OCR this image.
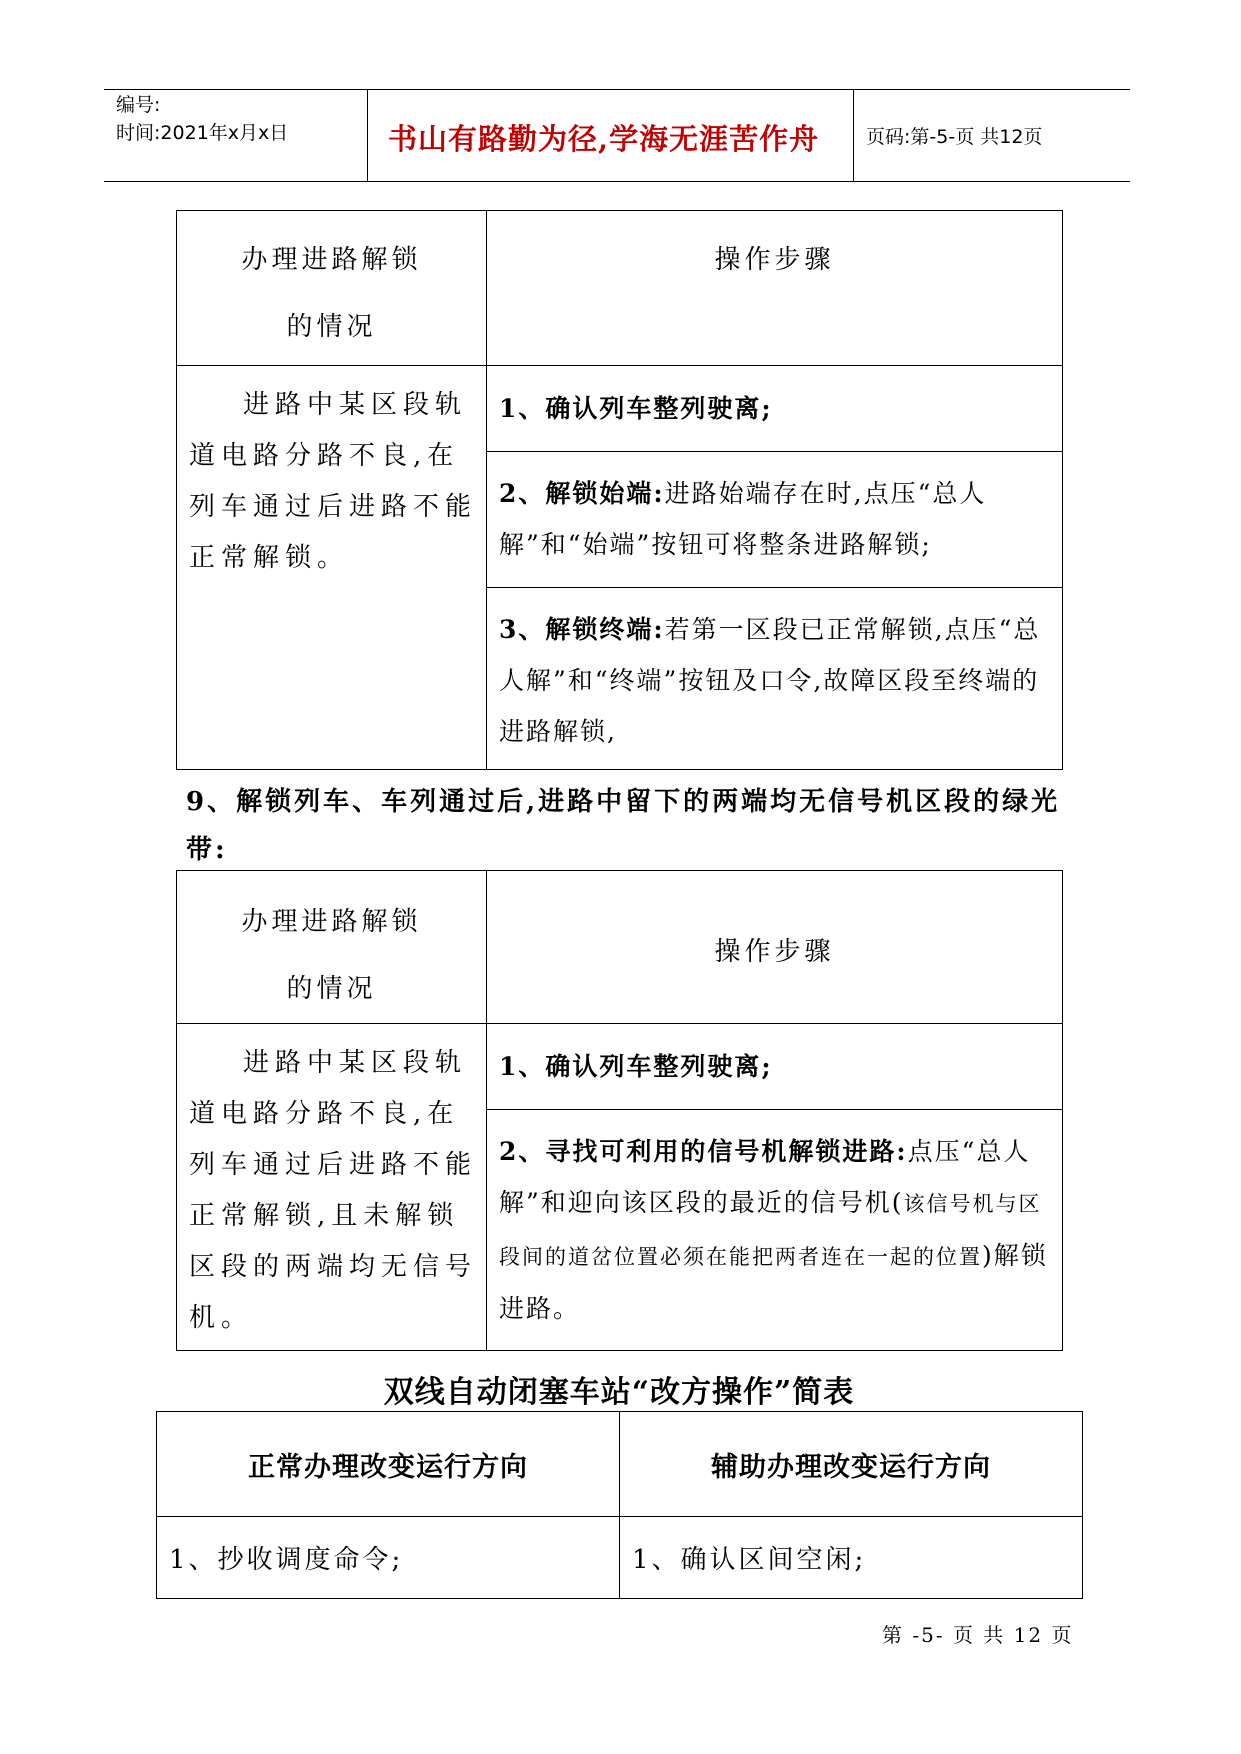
编号:
时间:2021年x月x日	书山有路勤为径,学海无涯苦作舟	页码:第-5-页 共12页
办理进路解锁
的情况	操作步骤

进路中某区段轨道电路分路不良,在列车通过后进路不能正常解锁。	1、确认列车整列驶离;

	2、解锁始端:进路始端存在时,点压“总人解”和“始端”按钮可将整条进路解锁;

	3、解锁终端:若第一区段已正常解锁,点压“总人解”和“终端”按钮及口令,故障区段至终端的进路解锁,
9、解锁列车、车列通过后,进路中留下的两端均无信号机区段的绿光带:
办理进路解锁
的情况	操作步骤

进路中某区段轨道电路分路不良,在列车通过后进路不能正常解锁,且未解锁区段的两端均无信号机。	1、确认列车整列驶离;

	2、寻找可利用的信号机解锁进路:点压“总人解”和迎向该区段的最近的信号机(该信号机与区段间的道岔位置必须在能把两者连在一起的位置)解锁进路。
双线自动闭塞车站“改方操作”简表
正常办理改变运行方向	辅助办理改变运行方向

1、抄收调度命令;	1、确认区间空闲;
第 -5- 页 共 12 页
